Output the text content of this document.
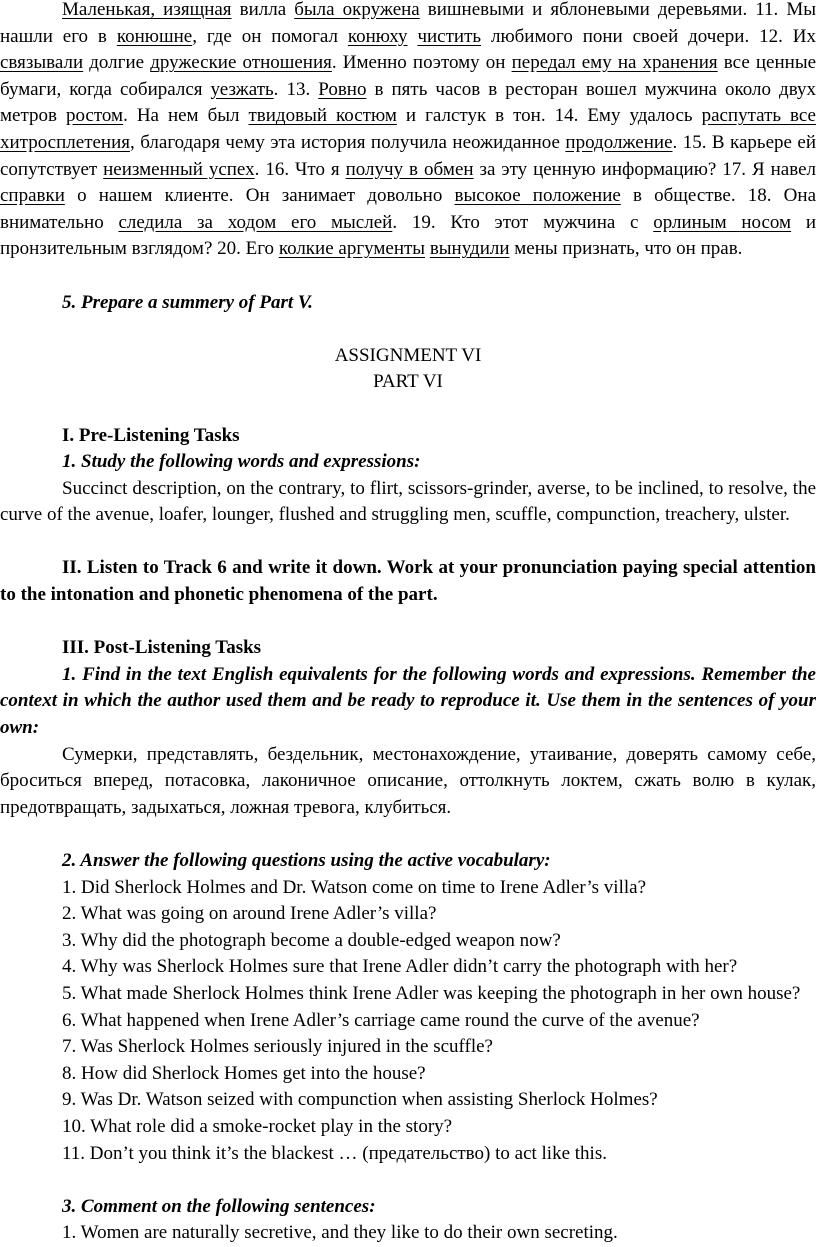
Маленькая, изящная вилла была окружена вишневыми и яблоневыми деревьями. 11. Мы нашли его в конюшне, где он помогал конюху чистить любимого пони своей дочери. 12. Их связывали долгие дружеские отношения. Именно поэтому он передал ему на хранения все ценные бумаги, когда собирался уезжать. 13. Ровно в пять часов в ресторан вошел мужчина около двух метров ростом. На нем был твидовый костюм и галстук в тон. 14. Ему удалось распутать все хитросплетения, благодаря чему эта история получила неожиданное продолжение. 15. В карьере ей сопутствует неизменный успех. 16. Что я получу в обмен за эту ценную информацию? 17. Я навел справки о нашем клиенте. Он занимает довольно высокое положение в обществе. 18. Она внимательно следила за ходом его мыслей. 19. Кто этот мужчина с орлиным носом и пронзительным взглядом? 20. Его колкие аргументы вынудили мены признать, что он прав.

5. Prepare a summery of Part V.

ASSIGNMENT VI

PART VI

I. Pre-Listening Tasks

1. Study the following words and expressions:

Succinct description, on the contrary, to flirt, scissors-grinder, averse, to be inclined, to resolve, the curve of the avenue, loafer, lounger, flushed and struggling men, scuffle, compunction, treachery, ulster.

II. Listen to Track 6 and write it down. Work at your pronunciation paying special attention to the intonation and phonetic phenomena of the part.

III. Post-Listening Tasks

1. Find in the text English equivalents for the following words and expressions. Remember the context in which the author used them and be ready to reproduce it. Use them in the sentences of your own:

Сумерки, представлять, бездельник, местонахождение, утаивание, доверять самому себе, броситься вперед, потасовка, лаконичное описание, оттолкнуть локтем, сжать волю в кулак, предотвращать, задыхаться, ложная тревога, клубиться.

2. Answer the following questions using the active vocabulary:

1. Did Sherlock Holmes and Dr. Watson come on time to Irene Adler’s villa?

2. What was going on around Irene Adler’s villa?

3. Why did the photograph become a double-edged weapon now?

4. Why was Sherlock Holmes sure that Irene Adler didn’t carry the photograph with her?

5. What made Sherlock Holmes think Irene Adler was keeping the photograph in her own house?

6. What happened when Irene Adler’s carriage came round the curve of the avenue?

7. Was Sherlock Holmes seriously injured in the scuffle?

8. How did Sherlock Homes get into the house?

9. Was Dr. Watson seized with compunction when assisting Sherlock Holmes?

10. What role did a smoke-rocket play in the story?

11. Don’t you think it’s the blackest … (предательство) to act like this.

3. Comment on the following sentences:

1. Women are naturally secretive, and they like to do their own secreting.
